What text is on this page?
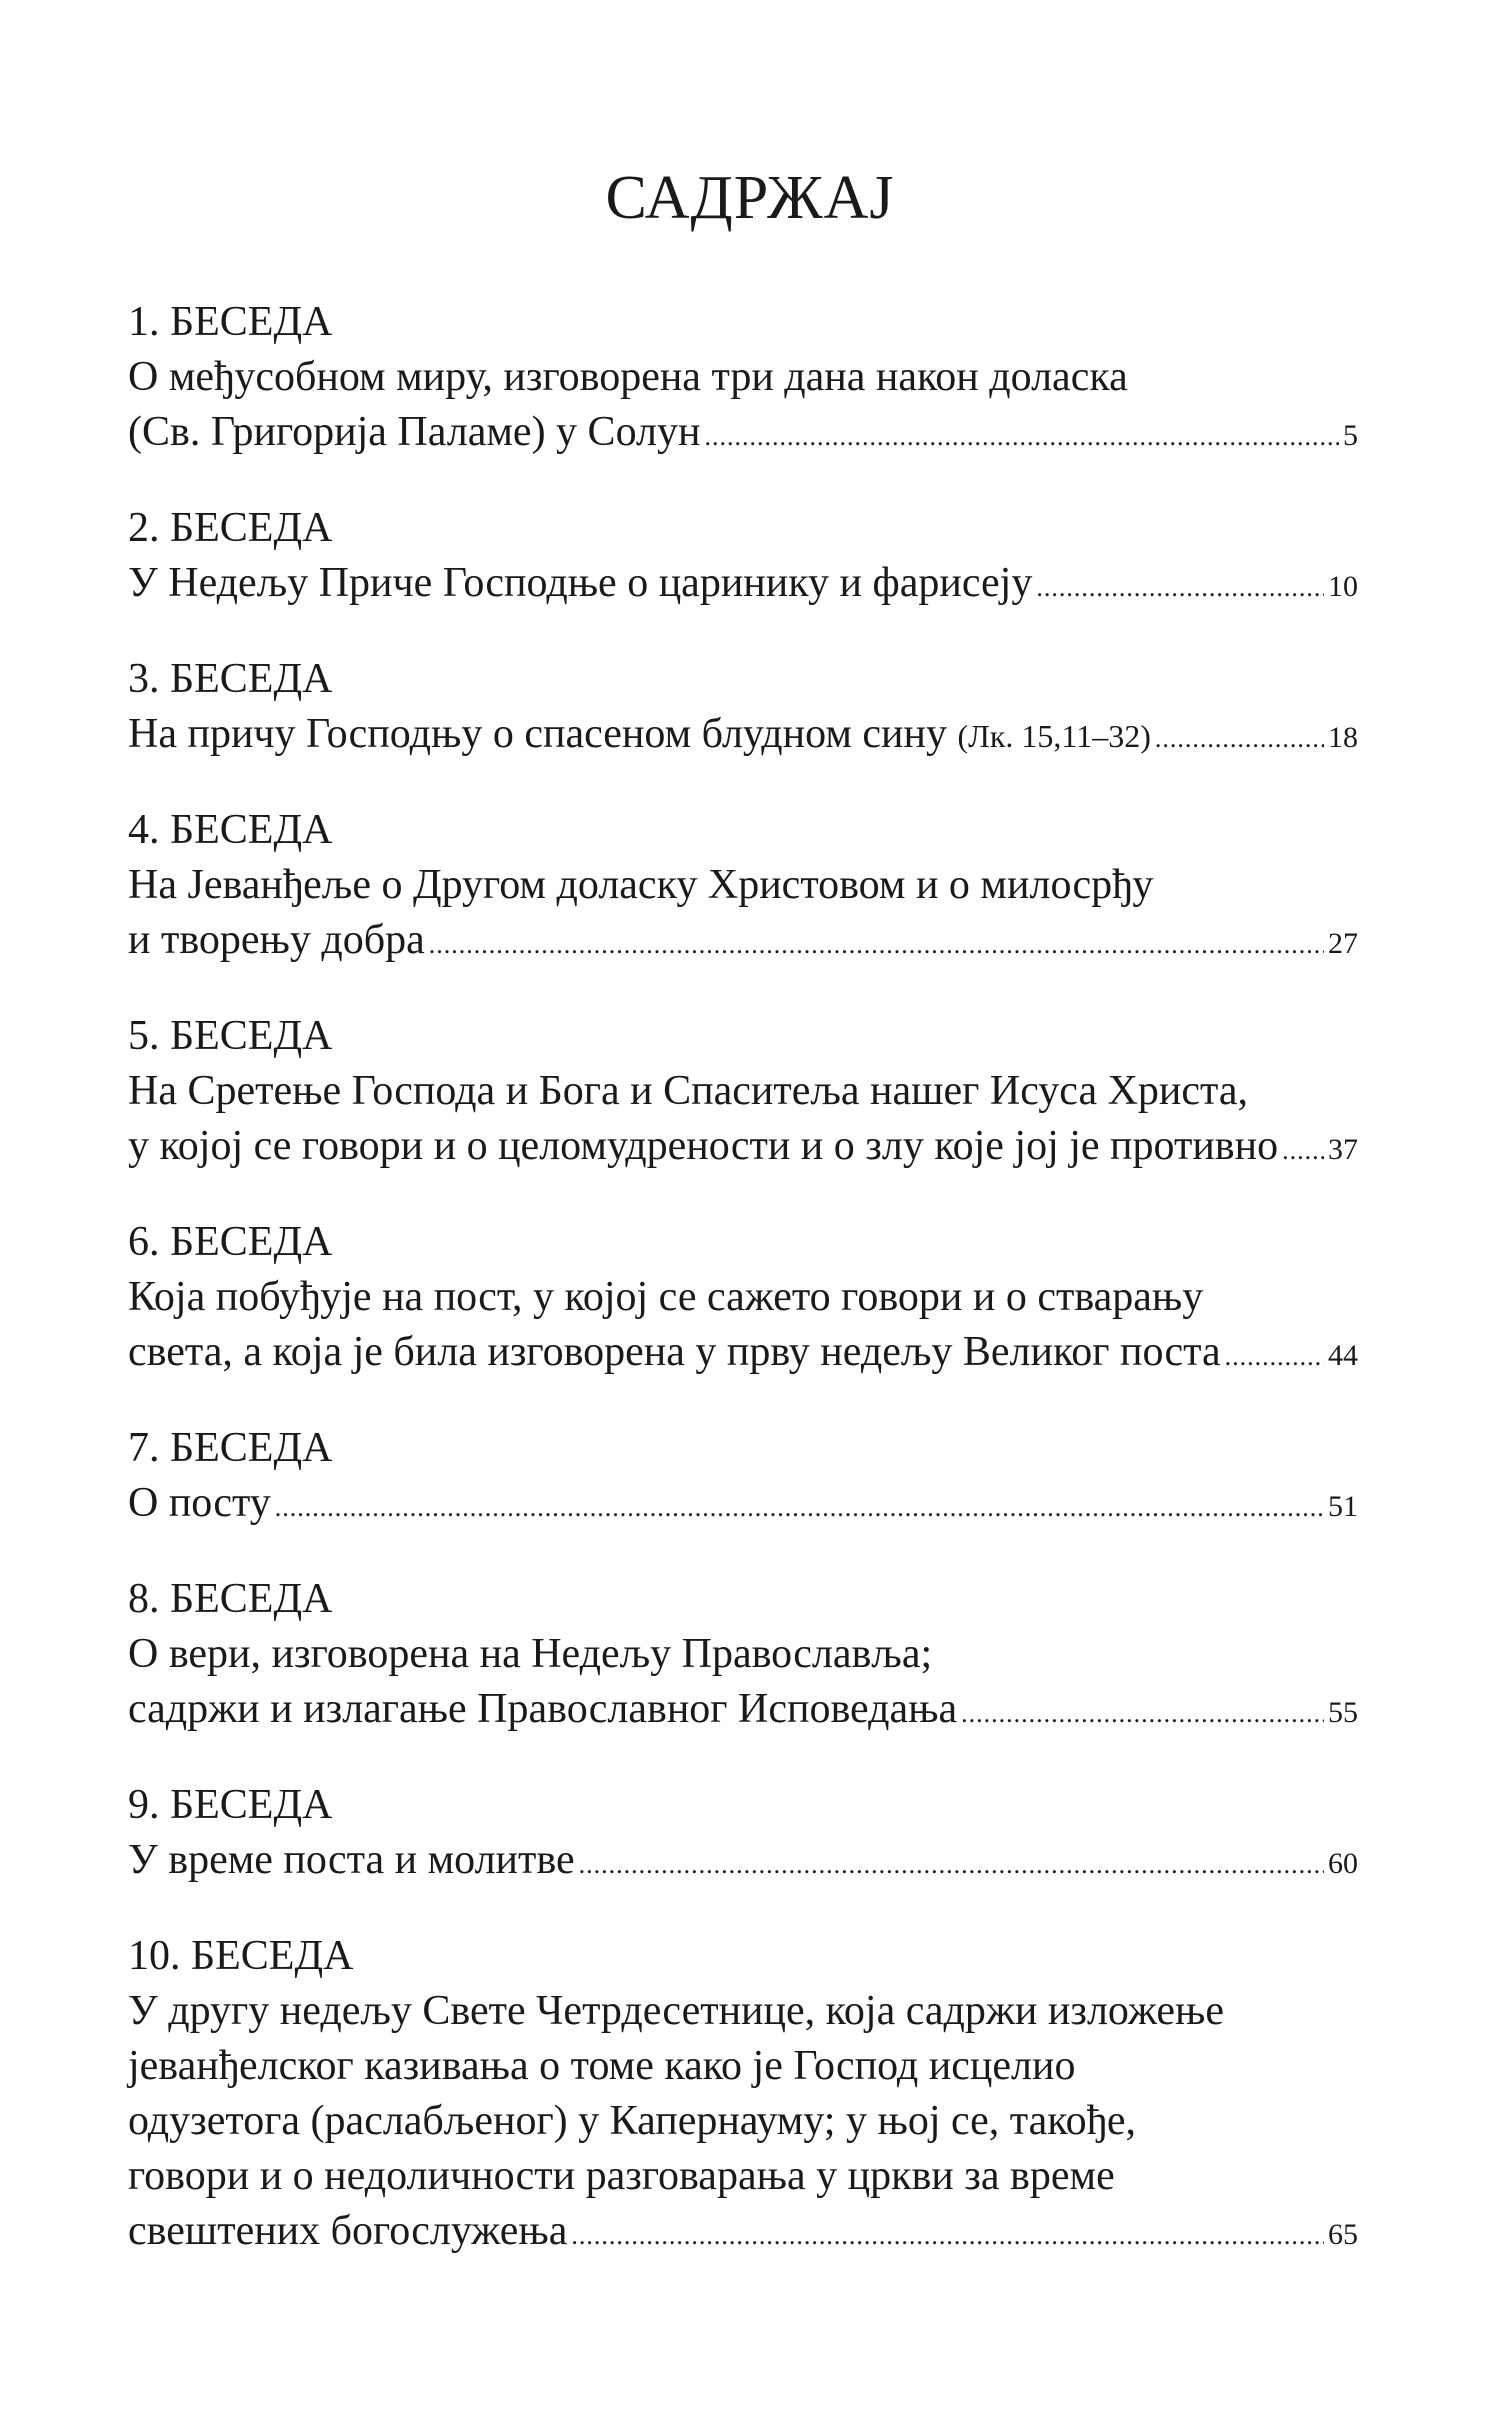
САДРЖАЈ
1. БЕСЕДА
О међусобном миру, изговорена три дана након доласка
(Св. Григорија Паламе) у Солун .....	5
2. БЕСЕДА
У Недељу Приче Господње о царинику и фарисеју .....	10
3. БЕСЕДА
На причу Господњу о спасеном блудном сину (Лк. 15,11–32) .....	18
4. БЕСЕДА
На Јеванђеље о Другом доласку Христовом и о милосрђу
и творењу добра .....	27
5. БЕСЕДА
На Сретење Господа и Бога и Спаситеља нашег Исуса Христа,
у којој се говори и о целомудрености и о злу које јој је противно ..... 37
6. БЕСЕДА
Која побуђује на пост, у којој се сажето говори и о стварању
света, а која је била изговорена у прву недељу Великог поста .....	44
7. БЕСЕДА
О посту .....	51
8. БЕСЕДА
О вери, изговорена на Недељу Православља;
садржи и излагање Православног Исповедања .....	55
9. БЕСЕДА
У време поста и молитве .....	60
10. БЕСЕДА
У другу недељу Свете Четрдесетнице, која садржи изложење
јеванђелског казивања о томе како је Господ исцелио
одузетога (раслабљеног) у Капернауму; у њој се, такође,
говори и о недоличности разговарања у цркви за време
свештених богослужења .....	65
